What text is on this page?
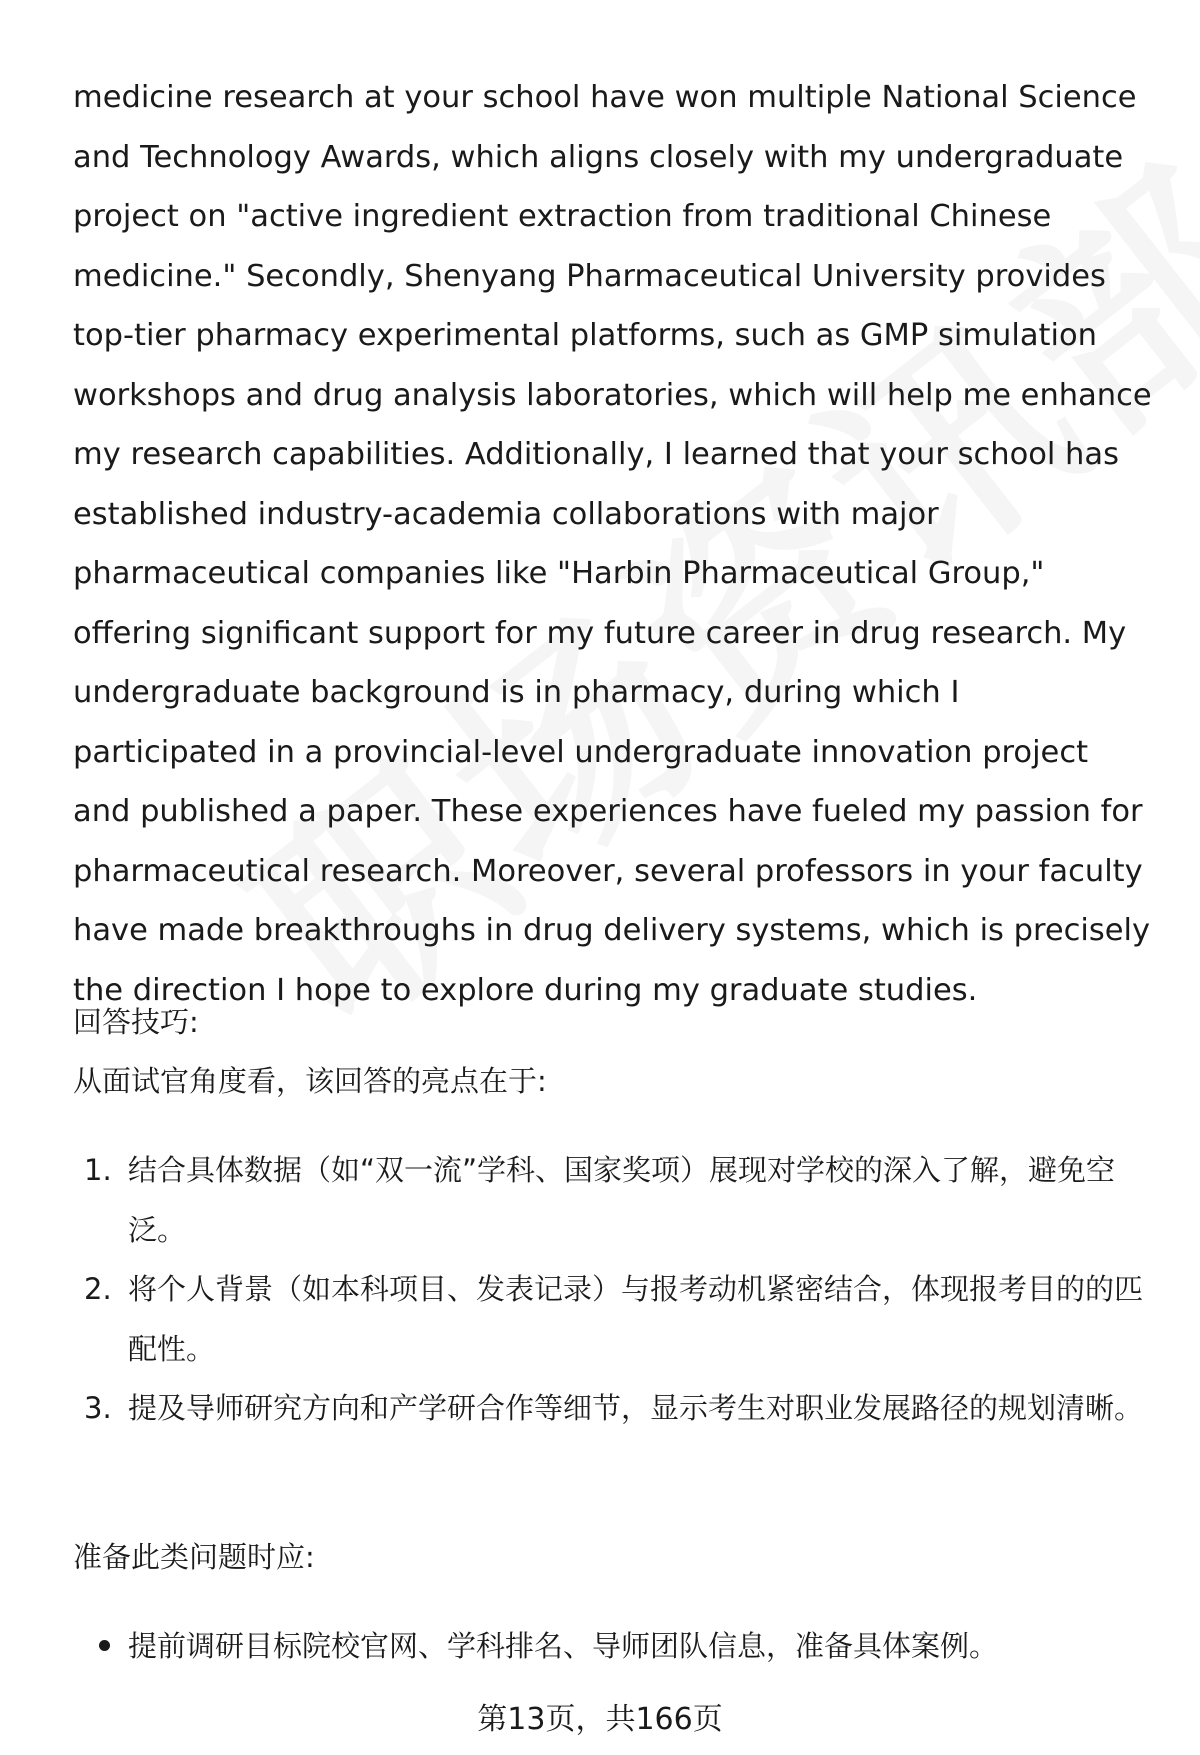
medicine research at your school have won multiple National Science and Technology Awards, which aligns closely with my undergraduate project on "active ingredient extraction from traditional Chinese medicine." Secondly, Shenyang Pharmaceutical University provides top-tier pharmacy experimental platforms, such as GMP simulation workshops and drug analysis laboratories, which will help me enhance my research capabilities. Additionally, I learned that your school has established industry-academia collaborations with major pharmaceutical companies like "Harbin Pharmaceutical Group," offering significant support for my future career in drug research. My undergraduate background is in pharmacy, during which I participated in a provincial-level undergraduate innovation project and published a paper. These experiences have fueled my passion for pharmaceutical research. Moreover, several professors in your faculty have made breakthroughs in drug delivery systems, which is precisely the direction I hope to explore during my graduate studies.

回答技巧:

从面试官角度看，该回答的亮点在于:

1. 结合具体数据（如“双一流”学科、国家奖项）展现对学校的深入了解，避免空泛。
2. 将个人背景（如本科项目、发表记录）与报考动机紧密结合，体现报考目的的匹配性。
3. 提及导师研究方向和产学研合作等细节，显示考生对职业发展路径的规划清晰。

准备此类问题时应:

提前调研目标院校官网、学科排名、导师团队信息，准备具体案例。
第13页，共166页
